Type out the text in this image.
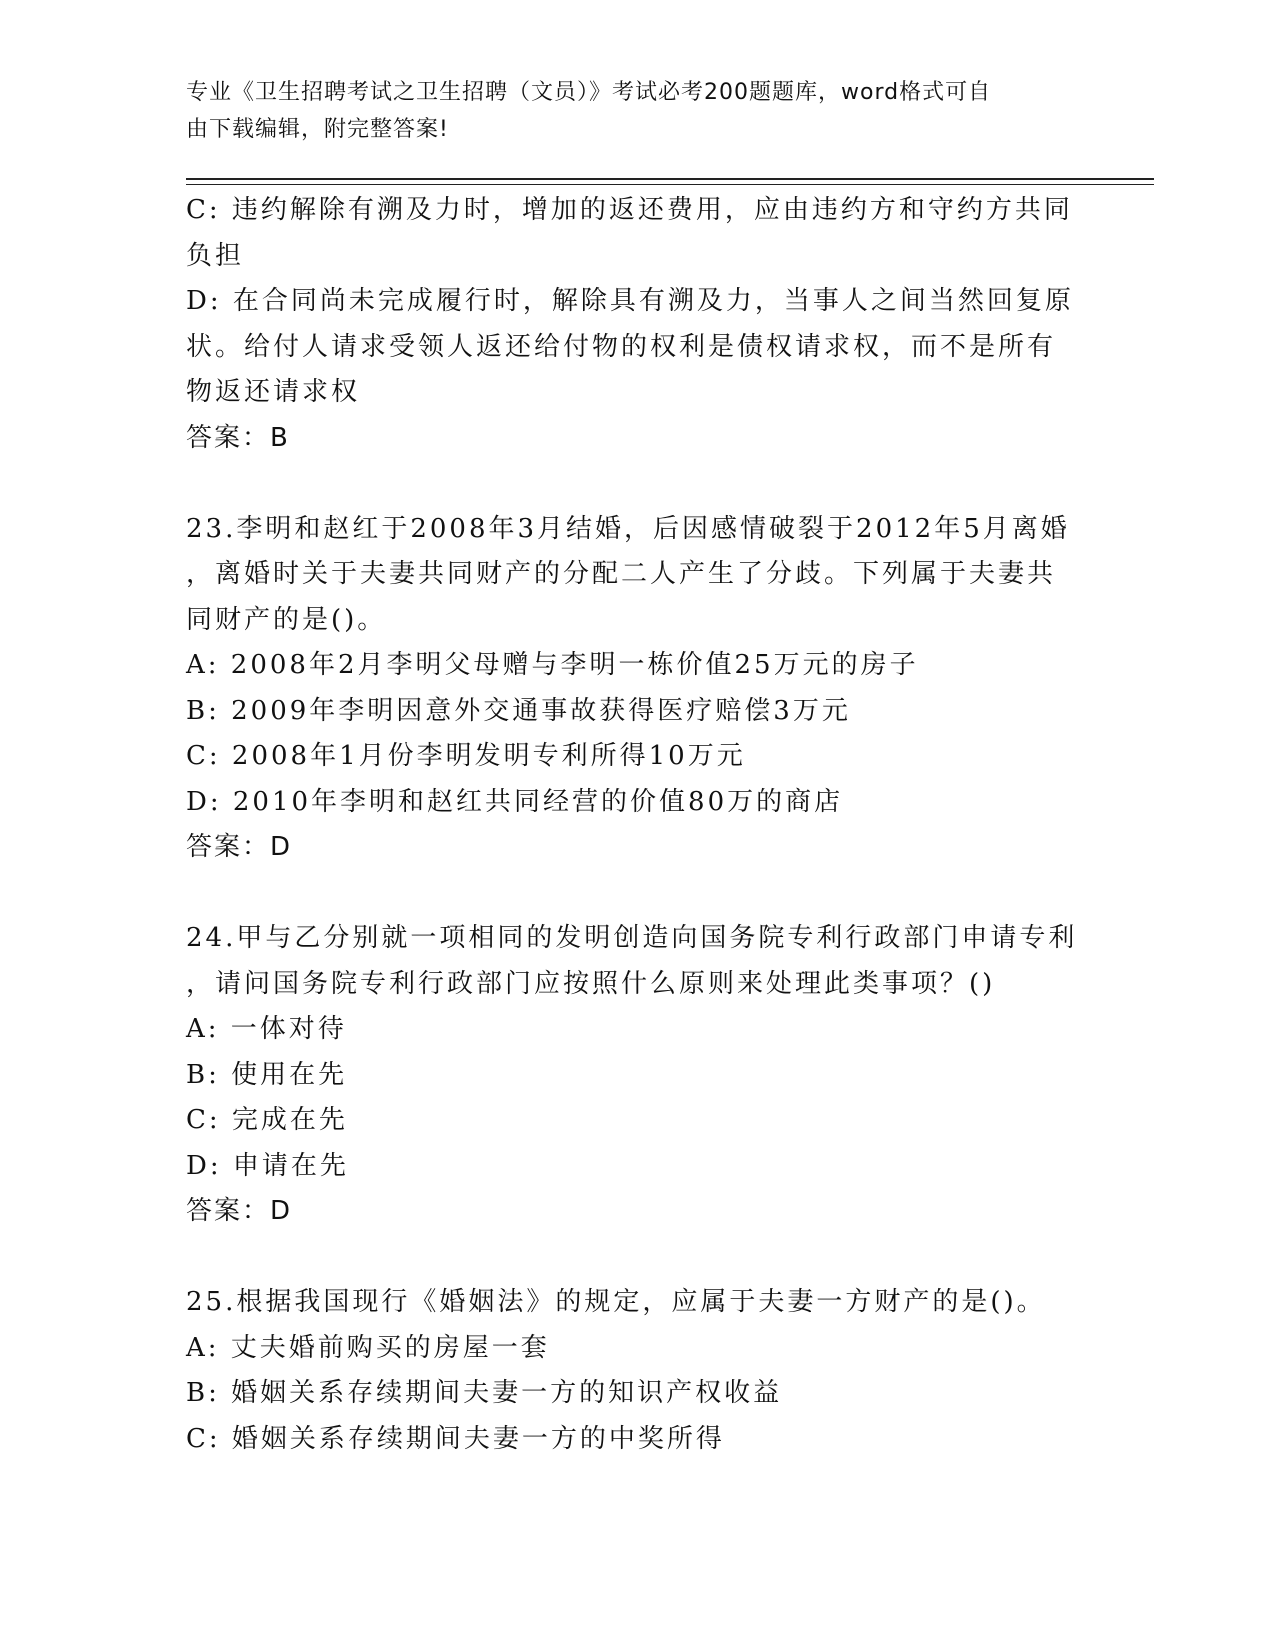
专业《卫生招聘考试之卫生招聘（文员）》考试必考200题题库，word格式可自
由下载编辑，附完整答案!
C: 违约解除有溯及力时，增加的返还费用，应由违约方和守约方共同
负担
D: 在合同尚未完成履行时，解除具有溯及力，当事人之间当然回复原
状。给付人请求受领人返还给付物的权利是债权请求权，而不是所有
物返还请求权
答案：B
23.李明和赵红于2008年3月结婚，后因感情破裂于2012年5月离婚
，离婚时关于夫妻共同财产的分配二人产生了分歧。下列属于夫妻共
同财产的是()。
A: 2008年2月李明父母赠与李明一栋价值25万元的房子
B: 2009年李明因意外交通事故获得医疗赔偿3万元
C: 2008年1月份李明发明专利所得10万元
D: 2010年李明和赵红共同经营的价值80万的商店
答案：D
24.甲与乙分别就一项相同的发明创造向国务院专利行政部门申请专利
，请问国务院专利行政部门应按照什么原则来处理此类事项？()
A: 一体对待
B: 使用在先
C: 完成在先
D: 申请在先
答案：D
25.根据我国现行《婚姻法》的规定，应属于夫妻一方财产的是()。
A: 丈夫婚前购买的房屋一套
B: 婚姻关系存续期间夫妻一方的知识产权收益
C: 婚姻关系存续期间夫妻一方的中奖所得
